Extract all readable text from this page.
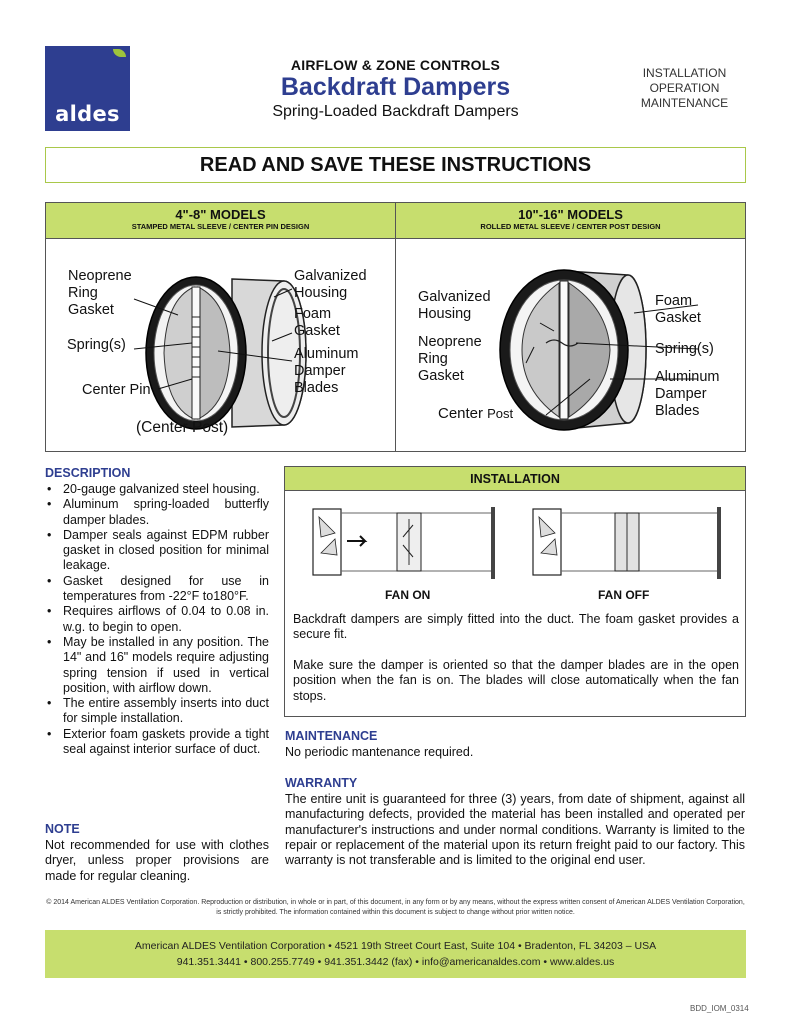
aldes
AIRFLOW & ZONE CONTROLS
Backdraft Dampers
Spring-Loaded Backdraft Dampers
INSTALLATION
OPERATION
MAINTENANCE
READ AND SAVE THESE INSTRUCTIONS
4"-8" MODELS
STAMPED METAL SLEEVE / CENTER PIN DESIGN
10"-16" MODELS
ROLLED METAL SLEEVE / CENTER POST DESIGN
Neoprene
Ring
Gasket
Galvanized
Housing
Foam
Gasket
Spring(s)
Aluminum
Damper
Blades
Center Pin
(Center Post)
Galvanized
Housing
Neoprene
Ring
Gasket
Foam
Gasket
Spring(s)
Aluminum
Damper
Blades
Center Post
DESCRIPTION
• 20-gauge galvanized steel housing.
• Aluminum spring-loaded butterfly damper blades.
• Damper seals against EDPM rubber gasket in closed position for minimal leakage.
• Gasket designed for use in temperatures from -22°F to180°F.
• Requires airflows of 0.04 to 0.08 in. w.g. to begin to open.
• May be installed in any position. The 14" and 16" models require adjusting spring tension if used in vertical position, with airflow down.
• The entire assembly inserts into duct for simple installation.
• Exterior foam gaskets provide a tight seal against interior surface of duct.
NOTE
Not recommended for use with clothes dryer, unless proper provisions are made for regular cleaning.
INSTALLATION
FAN ON	FAN OFF
Backdraft dampers are simply fitted into the duct. The foam gasket provides a secure fit.
Make sure the damper is oriented so that the damper blades are in the open position when the fan is on. The blades will close automatically when the fan stops.
MAINTENANCE
No periodic mantenance required.
WARRANTY
The entire unit is guaranteed for three (3) years, from date of shipment, against all manufacturing defects, provided the material has been installed and operated per manufacturer's instructions and under normal conditions. Warranty is limited to the repair or replacement of the material upon its return freight paid to our factory. This warranty is not transferable and is limited to the original end user.
© 2014 American ALDES Ventilation Corporation. Reproduction or distribution, in whole or in part, of this document, in any form or by any means, without the express written consent of American ALDES Ventilation Corporation, is strictly prohibited. The information contained within this document is subject to change without prior written notice.
American ALDES Ventilation Corporation • 4521 19th Street Court East, Suite 104 • Bradenton, FL 34203 – USA
941.351.3441 • 800.255.7749 • 941.351.3442 (fax) • info@americanaldes.com • www.aldes.us
BDD_IOM_0314
